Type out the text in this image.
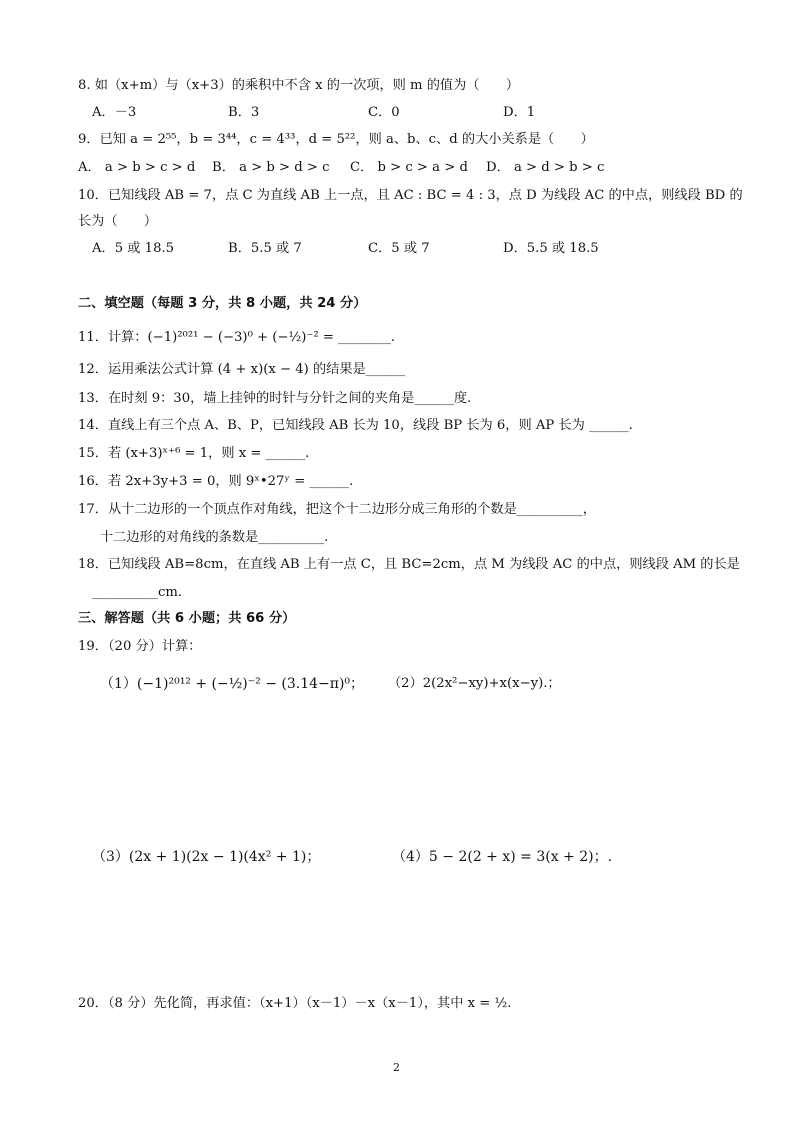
8. 如（x+m）与（x+3）的乘积中不含 x 的一次项，则 m 的值为（　　）
A．－3	B．3	C．0	D．1
9．已知 a = 2⁵⁵，b = 3⁴⁴，c = 4³³，d = 5²²，则 a、b、c、d 的大小关系是（　　）
A． a > b > c > d B． a > b > d > c C． b > c > a > d D． a > d > b > c
10．已知线段 AB = 7，点 C 为直线 AB 上一点，且 AC : BC = 4 : 3，点 D 为线段 AC 的中点，则线段 BD 的
长为（　　）
A．5 或 18.5	B．5.5 或 7	C．5 或 7	D．5.5 或 18.5
二、填空题（每题 3 分，共 8 小题，共 24 分）
11．计算：(−1)²⁰²¹ − (−3)⁰ + (−½)⁻² = ________.
12．运用乘法公式计算 (4 + x)(x − 4) 的结果是______
13．在时刻 9：30，墙上挂钟的时针与分针之间的夹角是______度.
14．直线上有三个点 A、B、P，已知线段 AB 长为 10，线段 BP 长为 6，则 AP 长为 ______.
15．若 (x+3)ˣ⁺⁶ = 1，则 x = ______.
16．若 2x+3y+3 = 0，则 9ˣ•27ʸ = ______.
17．从十二边形的一个顶点作对角线，把这个十二边形分成三角形的个数是__________，
十二边形的对角线的条数是__________.
18．已知线段 AB=8cm，在直线 AB 上有一点 C，且 BC=2cm，点 M 为线段 AC 的中点，则线段 AM 的长是
__________cm.
三、解答题（共 6 小题；共 66 分）
19．（20 分）计算：
（1）(−1)²⁰¹² + (−½)⁻² − (3.14−π)⁰； （2）2(2x²−xy)+x(x−y).；
（3）(2x + 1)(2x − 1)(4x² + 1)；	（4）5 − 2(2 + x) = 3(x + 2)；.
20．（8 分）先化简，再求值：（x+1）（x－1）－x（x－1），其中 x = ½.
2
